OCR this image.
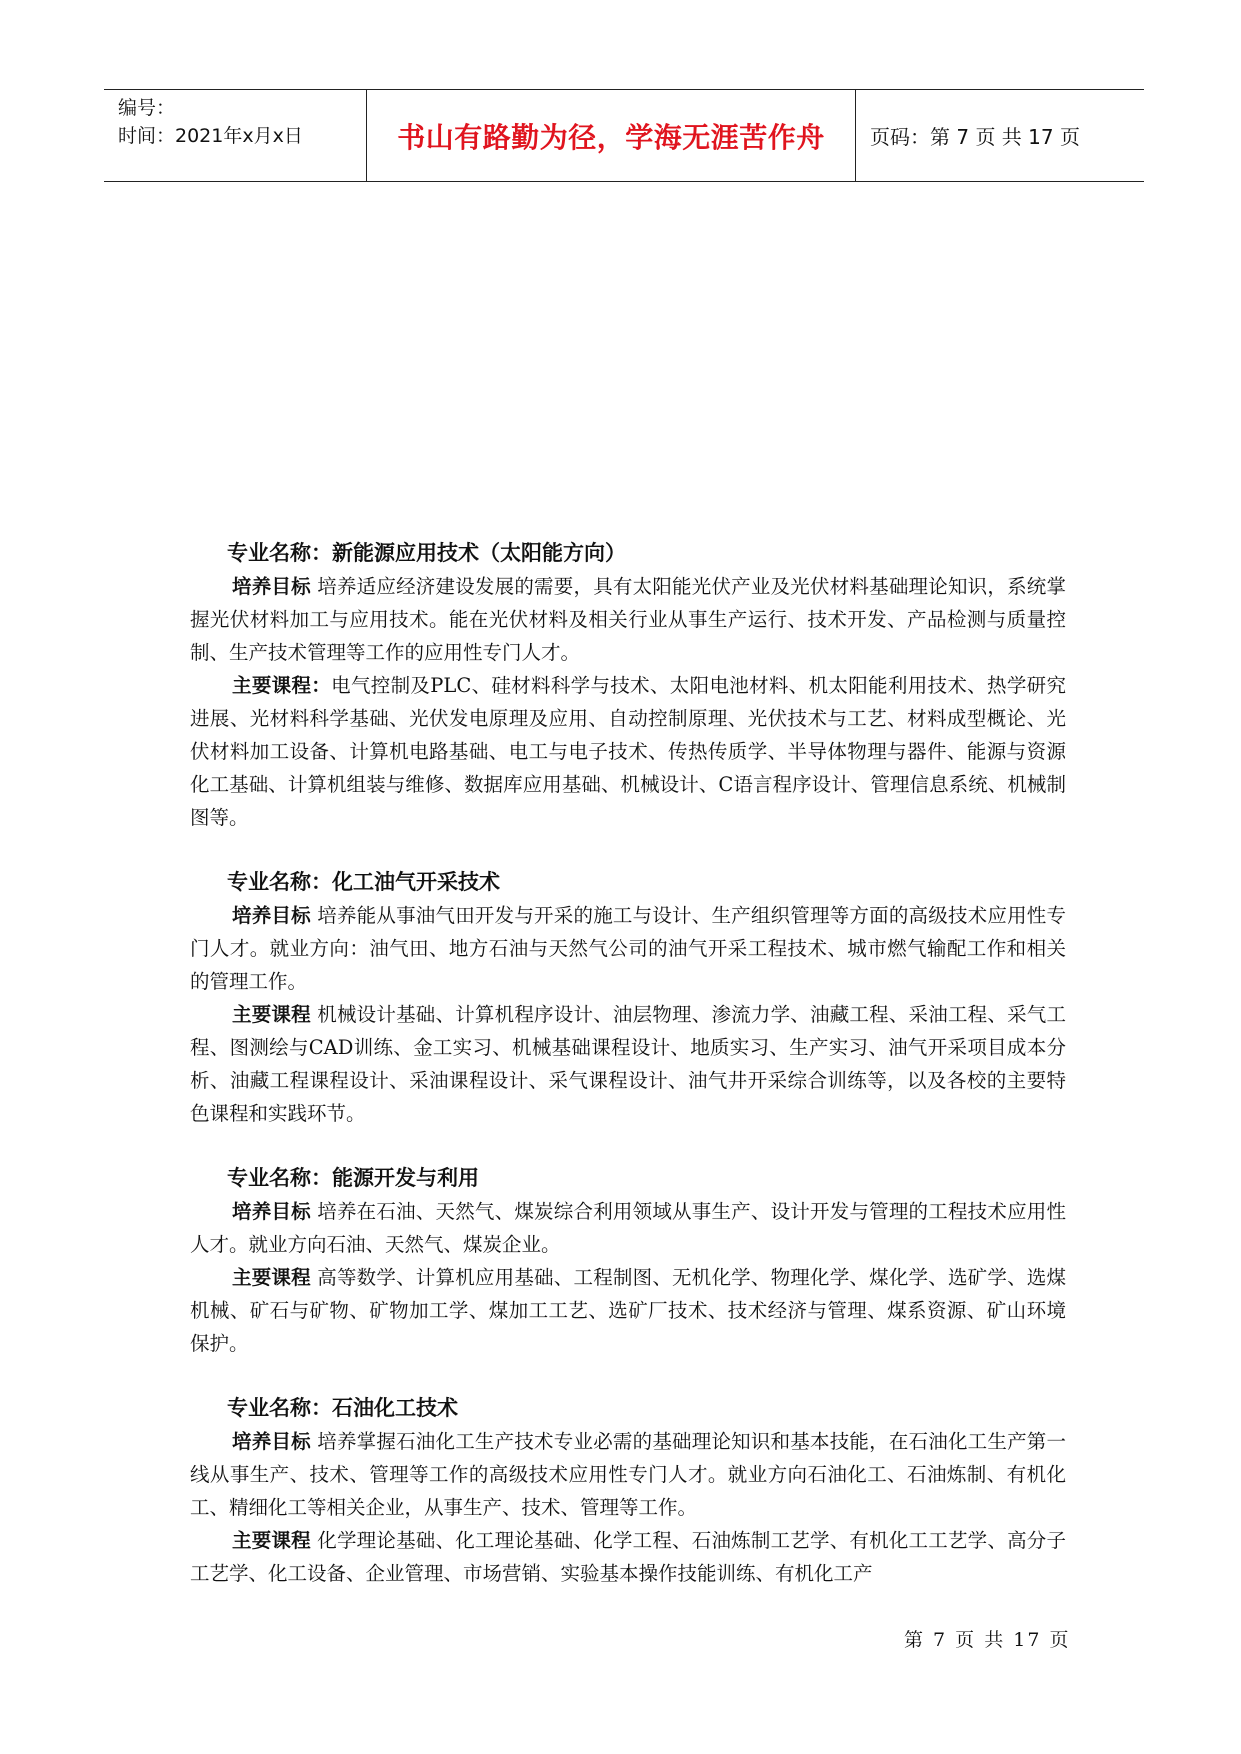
编号：
时间：2021年x月x日	书山有路勤为径，学海无涯苦作舟	页码：第 7 页 共 17 页
专业名称：新能源应用技术（太阳能方向）
培养目标 培养适应经济建设发展的需要，具有太阳能光伏产业及光伏材料基础理论知识，系统掌握光伏材料加工与应用技术。能在光伏材料及相关行业从事生产运行、技术开发、产品检测与质量控制、生产技术管理等工作的应用性专门人才。
主要课程：电气控制及PLC、硅材料科学与技术、太阳电池材料、机太阳能利用技术、热学研究进展、光材料科学基础、光伏发电原理及应用、自动控制原理、光伏技术与工艺、材料成型概论、光伏材料加工设备、计算机电路基础、电工与电子技术、传热传质学、半导体物理与器件、能源与资源化工基础、计算机组装与维修、数据库应用基础、机械设计、C语言程序设计、管理信息系统、机械制图等。
专业名称：化工油气开采技术
培养目标 培养能从事油气田开发与开采的施工与设计、生产组织管理等方面的高级技术应用性专门人才。就业方向：油气田、地方石油与天然气公司的油气开采工程技术、城市燃气输配工作和相关的管理工作。
主要课程 机械设计基础、计算机程序设计、油层物理、渗流力学、油藏工程、采油工程、采气工程、图测绘与CAD训练、金工实习、机械基础课程设计、地质实习、生产实习、油气开采项目成本分析、油藏工程课程设计、采油课程设计、采气课程设计、油气井开采综合训练等，以及各校的主要特色课程和实践环节。
专业名称：能源开发与利用
培养目标 培养在石油、天然气、煤炭综合利用领域从事生产、设计开发与管理的工程技术应用性人才。就业方向石油、天然气、煤炭企业。
主要课程 高等数学、计算机应用基础、工程制图、无机化学、物理化学、煤化学、选矿学、选煤机械、矿石与矿物、矿物加工学、煤加工工艺、选矿厂技术、技术经济与管理、煤系资源、矿山环境保护。
专业名称：石油化工技术
培养目标 培养掌握石油化工生产技术专业必需的基础理论知识和基本技能，在石油化工生产第一线从事生产、技术、管理等工作的高级技术应用性专门人才。就业方向石油化工、石油炼制、有机化工、精细化工等相关企业，从事生产、技术、管理等工作。
主要课程 化学理论基础、化工理论基础、化学工程、石油炼制工艺学、有机化工工艺学、高分子工艺学、化工设备、企业管理、市场营销、实验基本操作技能训练、有机化工产
第 7 页 共 17 页
